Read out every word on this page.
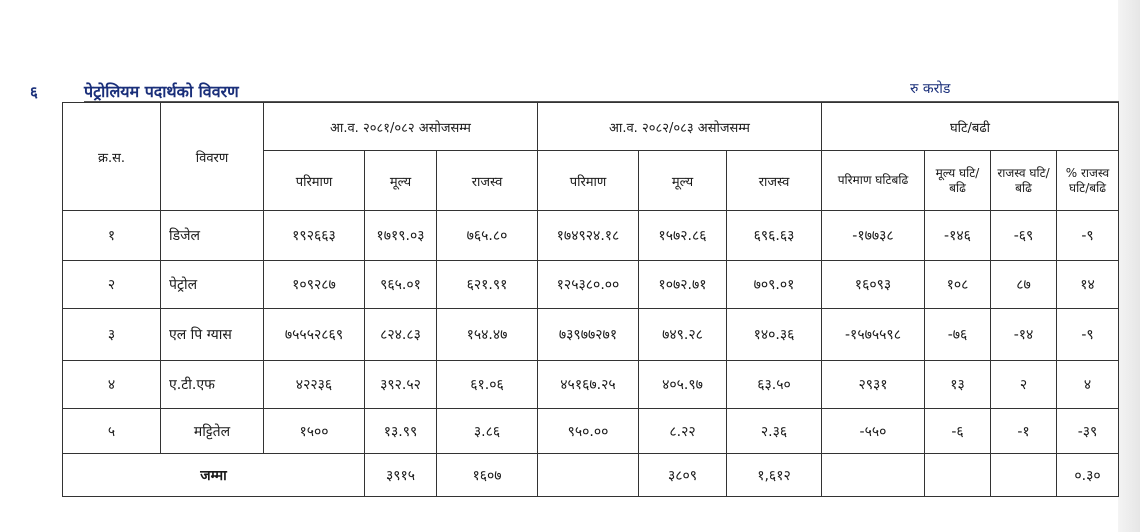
६	पेट्रोलियम पदार्थको विवरण	रु करोड
क्र.स.	विवरण	आ.व. २०८१/०८२ असोजसम्म			आ.व. २०८२/०८३ असोजसम्म			घटि/बढी			
		परिमाण	मूल्य	राजस्व	परिमाण	मूल्य	राजस्व	परिमाण घटिबढि	मूल्य घटि/बढि	राजस्व घटि/बढि	% राजस्व घटि/बढि
१	डिजेल	१९२६६३	१७१९.०३	७६५.८०	१७४९२४.१८	१५७२.८६	६९६.६३	-१७७३८	-१४६	-६९	-९
२	पेट्रोल	१०९२८७	९६५.०१	६२१.९१	१२५३८०.००	१०७२.७१	७०९.०१	१६०९३	१०८	८७	१४
३	एल पि ग्यास	७५५५२८६९	८२४.८३	१५४.४७	७३९७७२७१	७४९.२८	१४०.३६	-१५७५५९८	-७६	-१४	-९
४	ए.टी.एफ	४२२३६	३९२.५२	६१.०६	४५१६७.२५	४०५.९७	६३.५०	२९३१	१३	२	४
५	मट्टितेल	१५००	१३.९९	३.८६	९५०.००	८.२२	२.३६	-५५०	-६	-१	-३९
जम्मा			३९१५	१६०७		३८०९	१,६१२				०.३०
